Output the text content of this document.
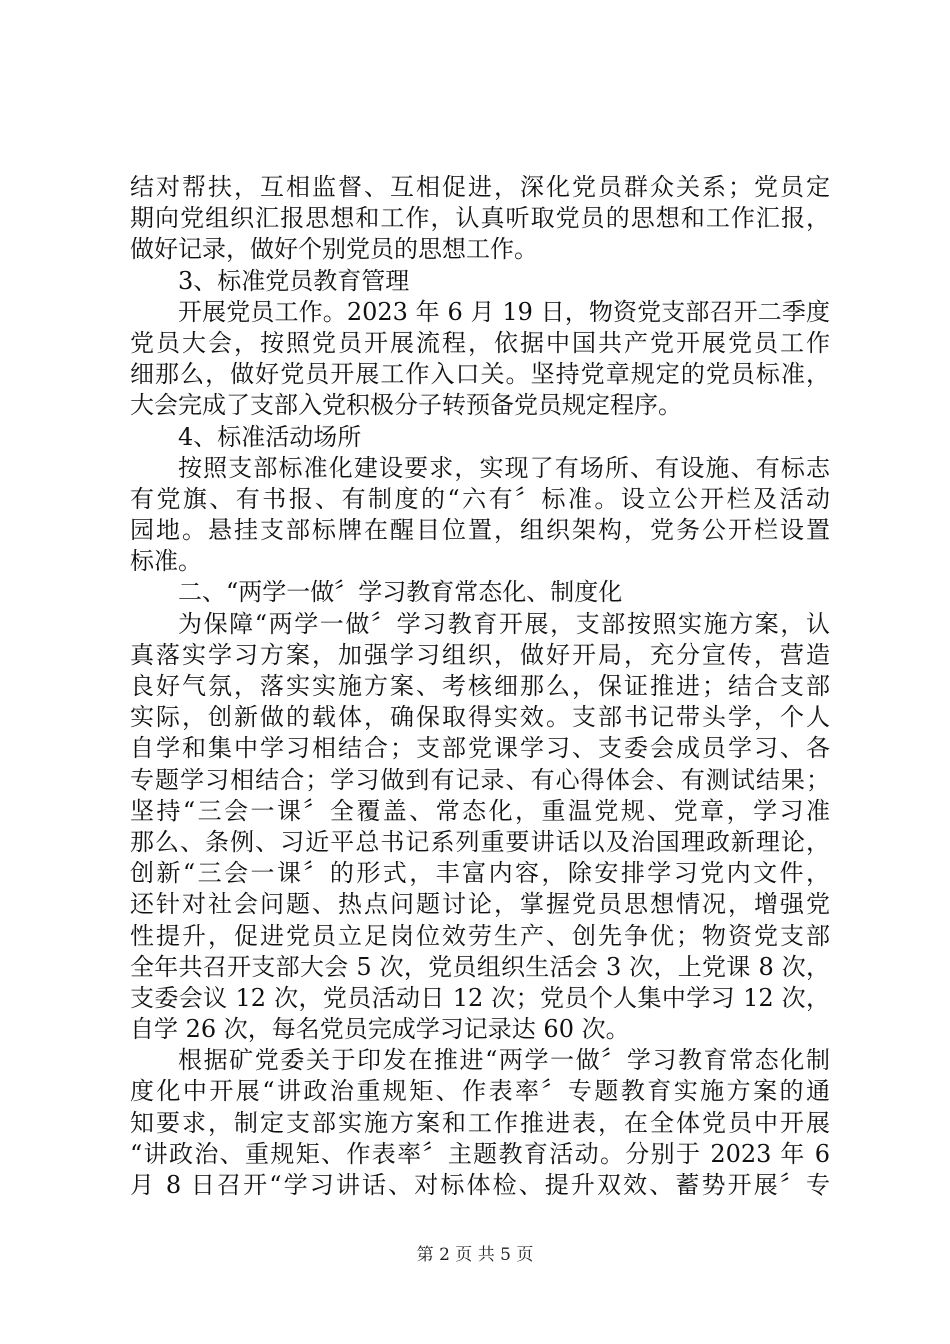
结对帮扶，互相监督、互相促进，深化党员群众关系；党员定
期向党组织汇报思想和工作，认真听取党员的思想和工作汇报，
做好记录，做好个别党员的思想工作。
3、标准党员教育管理
开展党员工作。2023 年 6 月 19 日，物资党支部召开二季度
党员大会，按照党员开展流程，依据中国共产党开展党员工作
细那么，做好党员开展工作入口关。坚持党章规定的党员标准，
大会完成了支部入党积极分子转预备党员规定程序。
4、标准活动场所
按照支部标准化建设要求，实现了有场所、有设施、有标志
有党旗、有书报、有制度的“六有〞标准。设立公开栏及活动
园地。悬挂支部标牌在醒目位置，组织架构，党务公开栏设置
标准。
二、“两学一做〞学习教育常态化、制度化
为保障“两学一做〞学习教育开展，支部按照实施方案，认
真落实学习方案，加强学习组织，做好开局，充分宣传，营造
良好气氛，落实实施方案、考核细那么，保证推进；结合支部
实际，创新做的载体，确保取得实效。支部书记带头学，个人
自学和集中学习相结合；支部党课学习、支委会成员学习、各
专题学习相结合；学习做到有记录、有心得体会、有测试结果；
坚持“三会一课〞全覆盖、常态化，重温党规、党章，学习准
那么、条例、习近平总书记系列重要讲话以及治国理政新理论，
创新“三会一课〞的形式，丰富内容，除安排学习党内文件，
还针对社会问题、热点问题讨论，掌握党员思想情况，增强党
性提升，促进党员立足岗位效劳生产、创先争优；物资党支部
全年共召开支部大会 5 次，党员组织生活会 3 次，上党课 8 次，
支委会议 12 次，党员活动日 12 次；党员个人集中学习 12 次，
自学 26 次，每名党员完成学习记录达 60 次。
根据矿党委关于印发在推进“两学一做〞学习教育常态化制
度化中开展“讲政治重规矩、作表率〞专题教育实施方案的通
知要求，制定支部实施方案和工作推进表，在全体党员中开展
“讲政治、重规矩、作表率〞主题教育活动。分别于 2023 年 6
月 8 日召开“学习讲话、对标体检、提升双效、蓄势开展〞专
第 2 页 共 5 页
